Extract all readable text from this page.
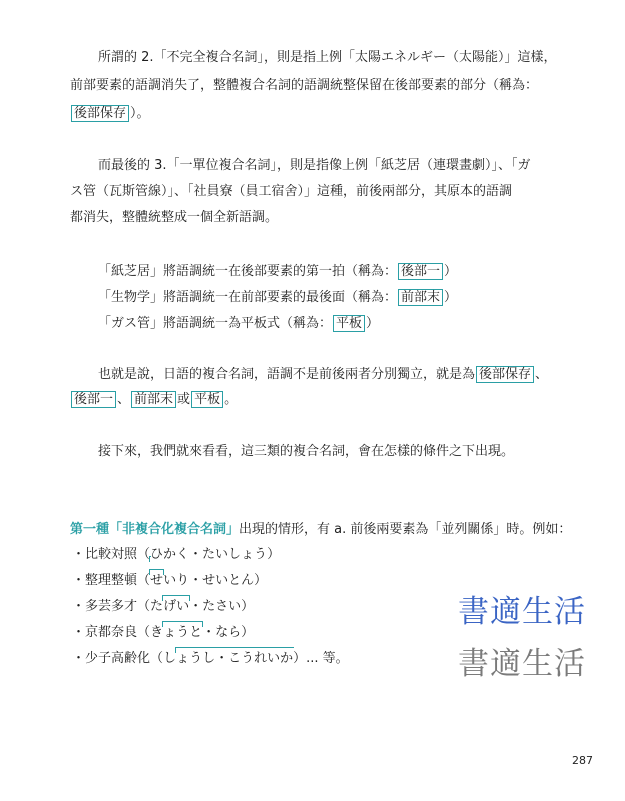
所謂的 2.「不完全複合名詞」，則是指上例「太陽エネルギー（太陽能）」這樣，
前部要素的語調消失了，整體複合名詞的語調統整保留在後部要素的部分（稱為：
後部保存 ）。
而最後的 3.「一單位複合名詞」，則是指像上例「紙芝居（連環畫劇）」、「ガ
ス管（瓦斯管線）」、「社員寮（員工宿舍）」這種，前後兩部分，其原本的語調
都消失，整體統整成一個全新語調。
「紙芝居」將語調統一在後部要素的第一拍（稱為： 後部一 ）
「生物学」將語調統一在前部要素的最後面（稱為： 前部末 ）
「ガス管」將語調統一為平板式（稱為： 平板 ）
也就是說，日語的複合名詞，語調不是前後兩者分別獨立，就是為 後部保存 、
後部一 、 前部末 或 平板 。
接下來，我們就來看看，這三類的複合名詞，會在怎樣的條件之下出現。
第一種「非複合化複合名詞」出現的情形，有 a. 前後兩要素為「並列關係」時。例如：
・比較対照（ひかく・たいしょう）
・整理整頓（せいり・せいとん）
・多芸多才（たげい・たさい）
・京都奈良（きょうと・なら）
・少子高齢化（しょうし・こうれいか）... 等。
書適生活
書適生活
287
